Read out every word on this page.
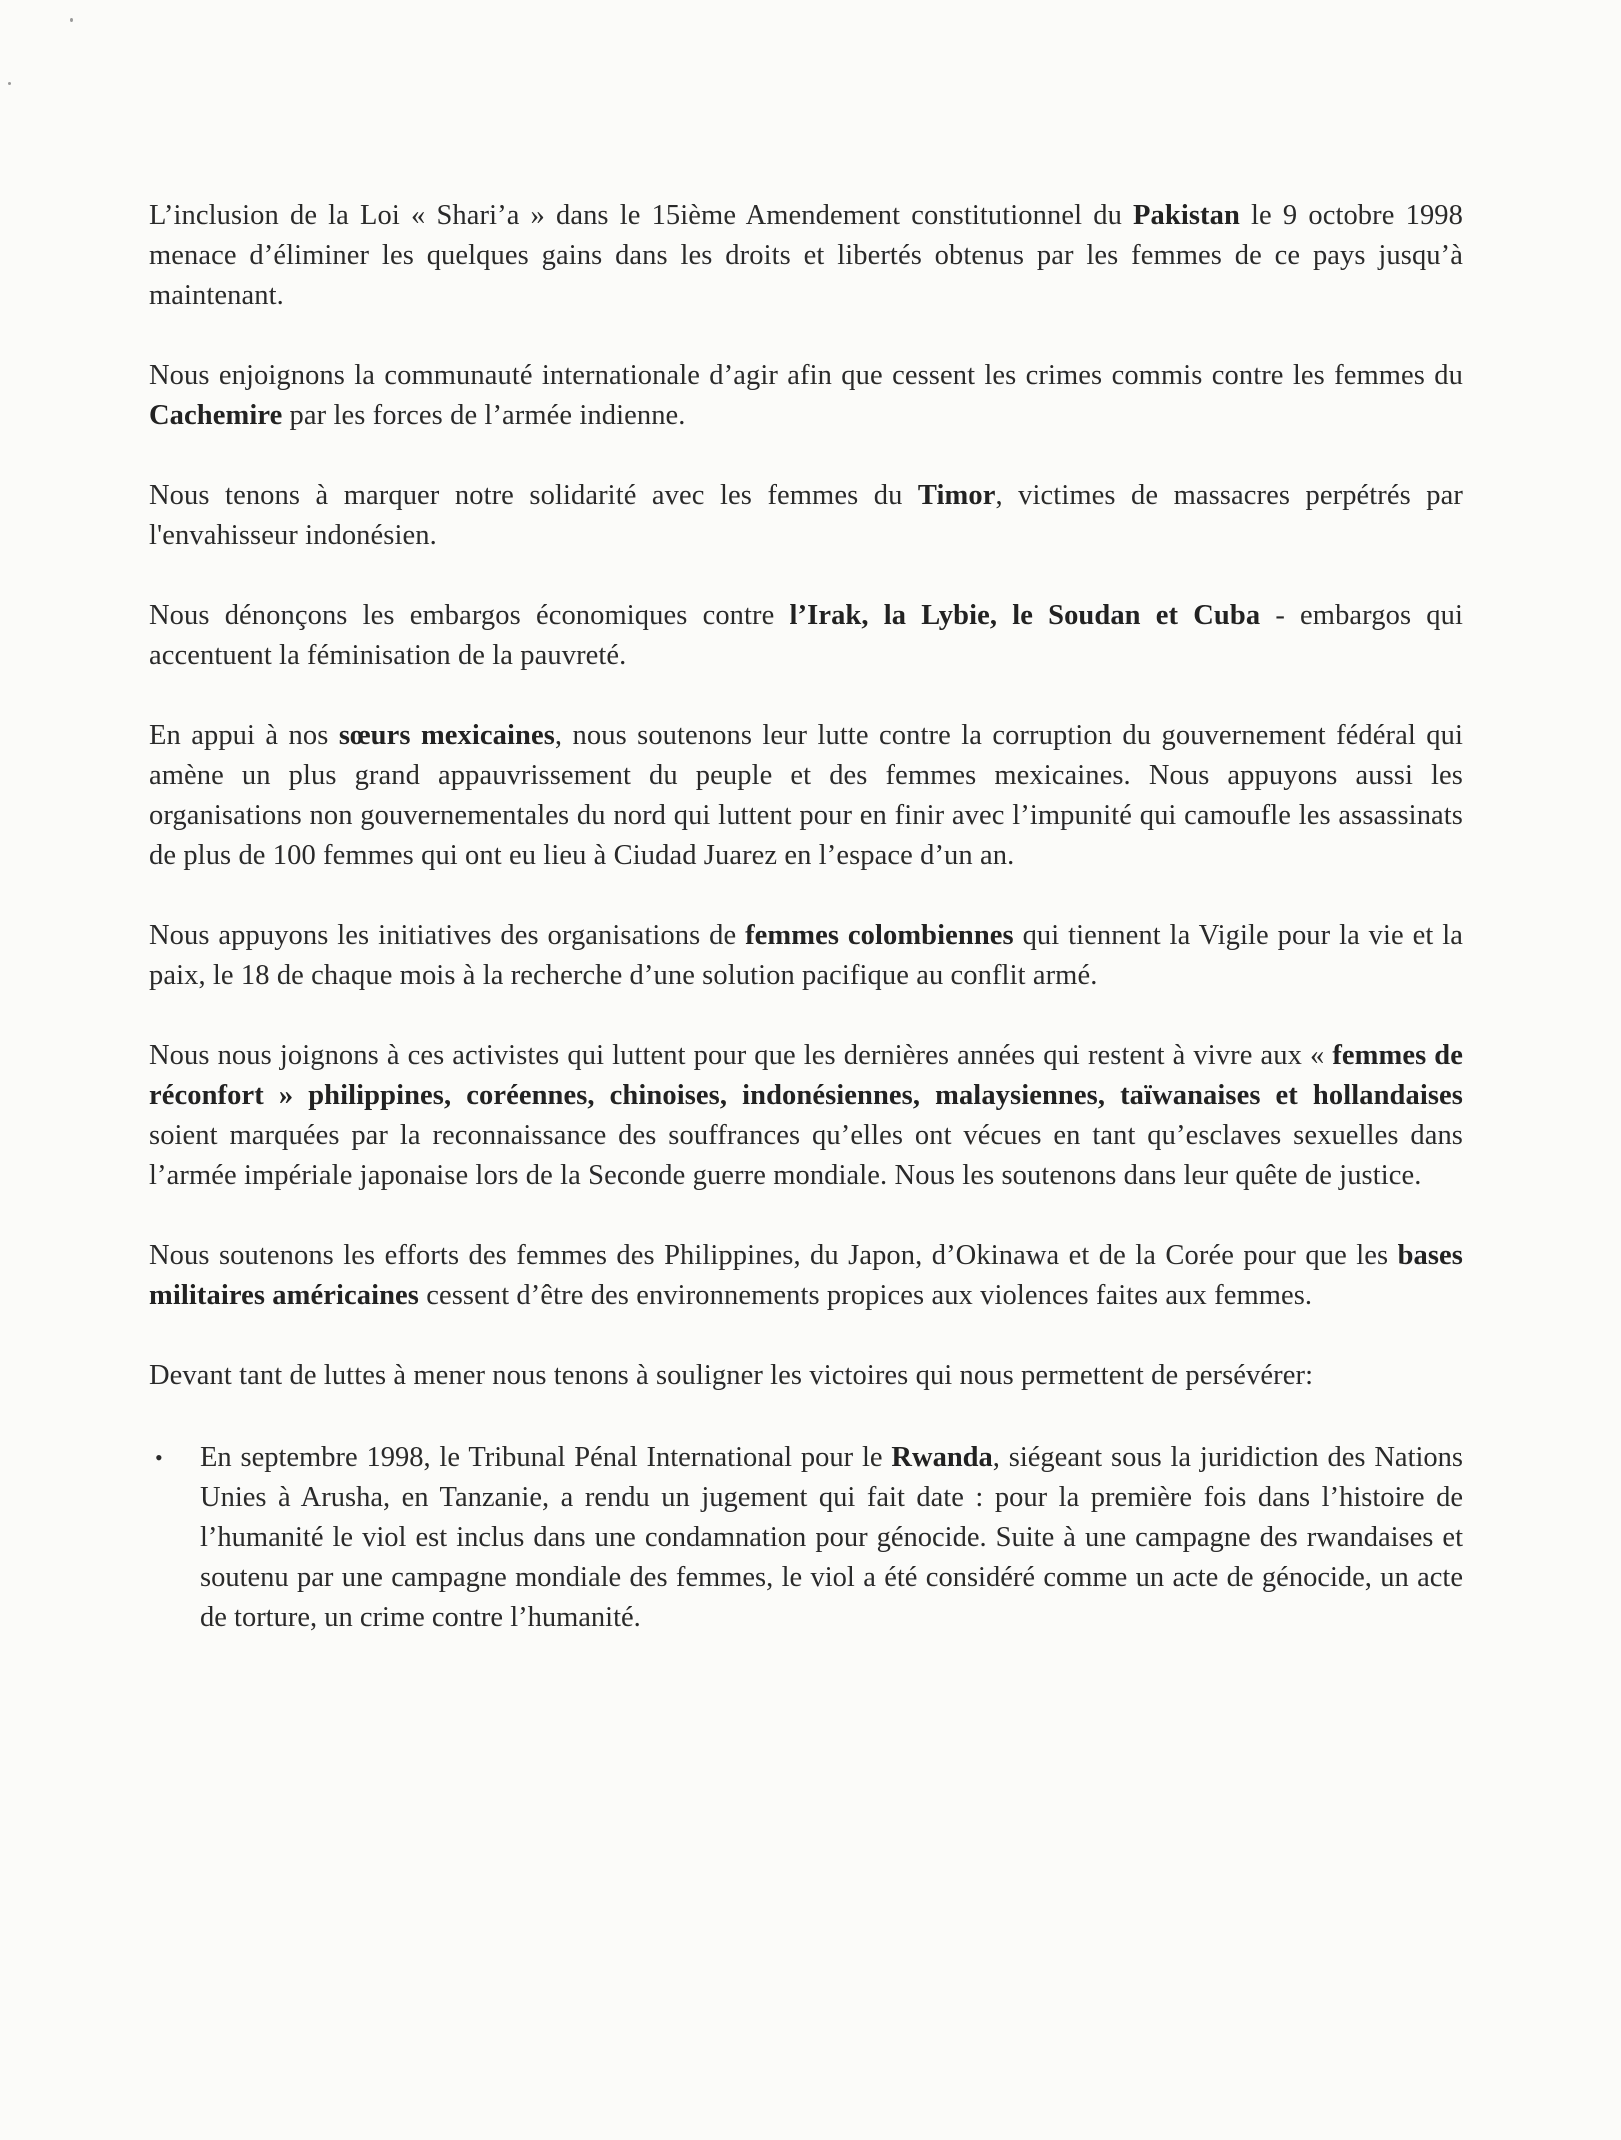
L’inclusion de la Loi « Shari’a » dans le 15ième Amendement constitutionnel du Pakistan le 9 octobre 1998 menace d’éliminer les quelques gains dans les droits et libertés obtenus par les femmes de ce pays jusqu’à maintenant.

Nous enjoignons la communauté internationale d’agir afin que cessent les crimes commis contre les femmes du Cachemire par les forces de l’armée indienne.

Nous tenons à marquer notre solidarité avec les femmes du Timor, victimes de massacres perpétrés par l'envahisseur indonésien.

Nous dénonçons les embargos économiques contre l’Irak, la Lybie, le Soudan et Cuba - embargos qui accentuent la féminisation de la pauvreté.

En appui à nos sœurs mexicaines, nous soutenons leur lutte contre la corruption du gouvernement fédéral qui amène un plus grand appauvrissement du peuple et des femmes mexicaines. Nous appuyons aussi les organisations non gouvernementales du nord qui luttent pour en finir avec l’impunité qui camoufle les assassinats de plus de 100 femmes qui ont eu lieu à Ciudad Juarez en l’espace d’un an.

Nous appuyons les initiatives des organisations de femmes colombiennes qui tiennent la Vigile pour la vie et la paix, le 18 de chaque mois à la recherche d’une solution pacifique au conflit armé.

Nous nous joignons à ces activistes qui luttent pour que les dernières années qui restent à vivre aux « femmes de réconfort » philippines, coréennes, chinoises, indonésiennes, malaysiennes, taïwanaises et hollandaises soient marquées par la reconnaissance des souffrances qu’elles ont vécues en tant qu’esclaves sexuelles dans l’armée impériale japonaise lors de la Seconde guerre mondiale. Nous les soutenons dans leur quête de justice.

Nous soutenons les efforts des femmes des Philippines, du Japon, d’Okinawa et de la Corée pour que les bases militaires américaines cessent d’être des environnements propices aux violences faites aux femmes.

Devant tant de luttes à mener nous tenons à souligner les victoires qui nous permettent de persévérer:

• En septembre 1998, le Tribunal Pénal International pour le Rwanda, siégeant sous la juridiction des Nations Unies à Arusha, en Tanzanie, a rendu un jugement qui fait date : pour la première fois dans l’histoire de l’humanité le viol est inclus dans une condamnation pour génocide. Suite à une campagne des rwandaises et soutenu par une campagne mondiale des femmes, le viol a été considéré comme un acte de génocide, un acte de torture, un crime contre l’humanité.
